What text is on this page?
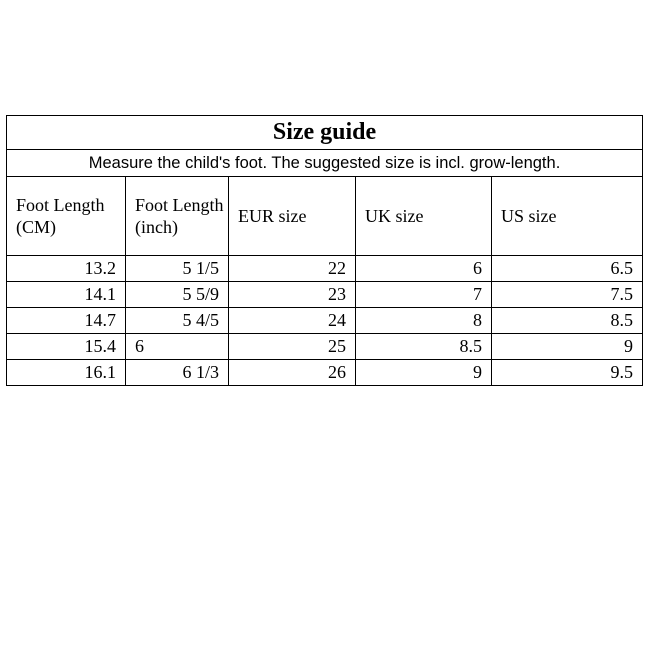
Size guide				
Measure the child's foot. The suggested size is incl. grow-length.				
Foot Length (CM)	Foot Length (inch)	EUR size	UK size	US size
13.2	5 1/5	22	6	6.5
14.1	5 5/9	23	7	7.5
14.7	5 4/5	24	8	8.5
15.4	6	25	8.5	9
16.1	6 1/3	26	9	9.5
